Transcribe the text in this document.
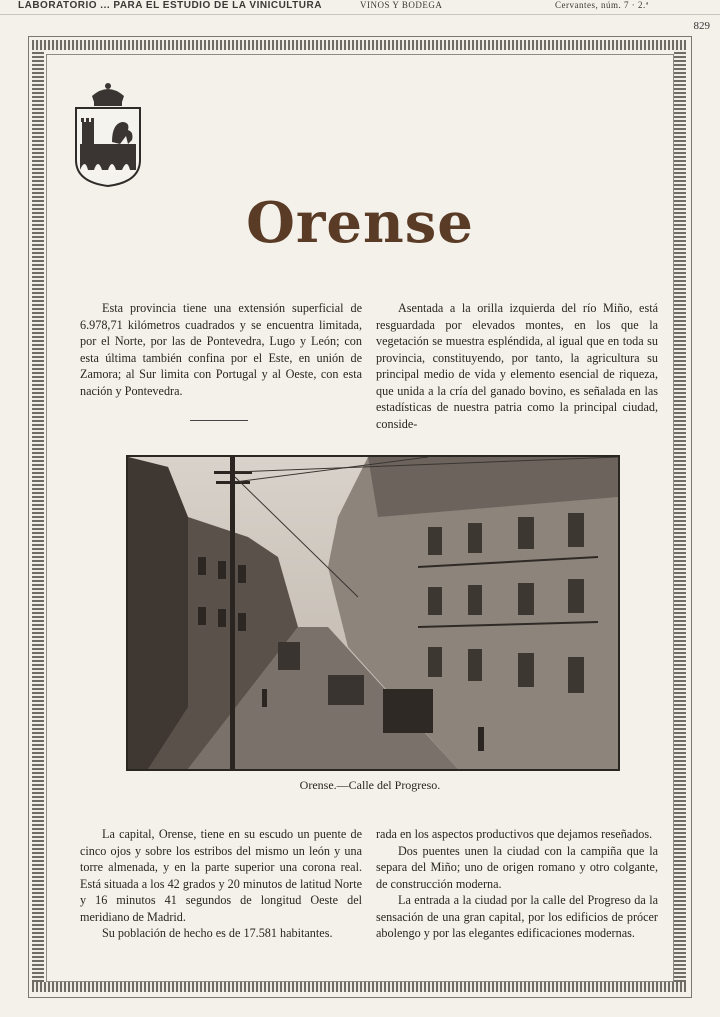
LABORATORIO ... PARA EL ESTUDIO DE LA VINICULTURA	VINOS Y BODEGA	Cervantes, núm. 7 · 2.ª
829
Orense

Esta provincia tiene una extensión superficial de 6.978,71 kilómetros cuadrados y se encuentra limitada, por el Norte, por las de Pontevedra, Lugo y León; con esta última también confina por el Este, en unión de Zamora; al Sur limita con Portugal y al Oeste, con esta nación y Pontevedra.

Asentada a la orilla izquierda del río Miño, está resguardada por elevados montes, en los que la vegetación se muestra espléndida, al igual que en toda su provincia, constituyendo, por tanto, la agricultura su principal medio de vida y elemento esencial de riqueza, que unida a la cría del ganado bovino, es señalada en las estadísticas de nuestra patria como la principal ciudad, conside-

Orense.—Calle del Progreso.

La capital, Orense, tiene en su escudo un puente de cinco ojos y sobre los estribos del mismo un león y una torre almenada, y en la parte superior una corona real. Está situada a los 42 grados y 20 minutos de latitud Norte y 16 minutos 41 segundos de longitud Oeste del meridiano de Madrid.

Su población de hecho es de 17.581 habitantes.

rada en los aspectos productivos que dejamos reseñados.

Dos puentes unen la ciudad con la campiña que la separa del Miño; uno de origen romano y otro colgante, de construcción moderna.

La entrada a la ciudad por la calle del Progreso da la sensación de una gran capital, por los edificios de prócer abolengo y por las elegantes edificaciones modernas.
